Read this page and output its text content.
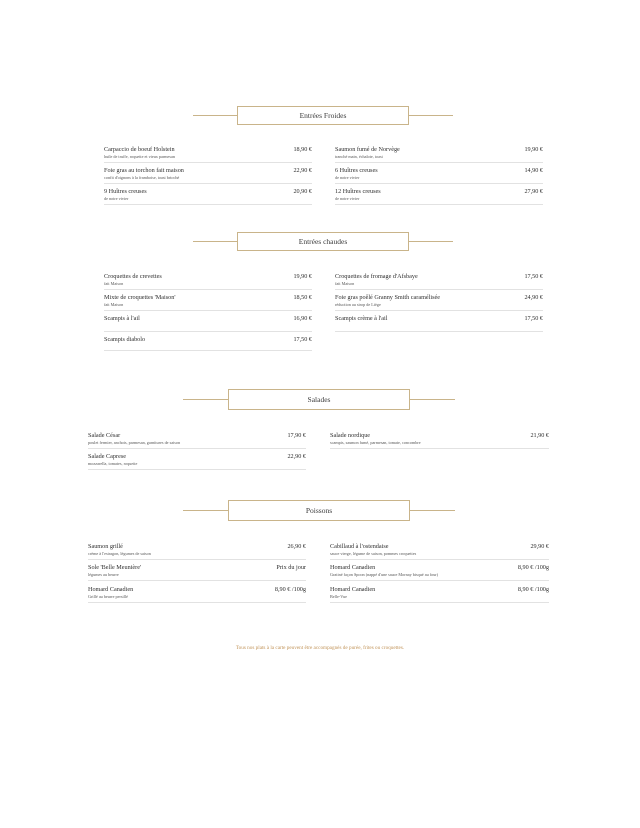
Entrées Froides
Carpaccio de boeuf Holstein
huile de truffe, roquette et vieux parmesan
18,90 €
Foie gras au torchon fait maison
confit d'oignons à la framboise, toast brioché
22,90 €
9 Huîtres creuses
de notre vivier
20,90 €
Saumon fumé de Norvège
tranché main, échalote, toast
19,90 €
6 Huîtres creuses
de notre vivier
14,90 €
12 Huîtres creuses
de notre vivier
27,90 €
Entrées chaudes
Croquettes de crevettes
fait Maison
19,90 €
Mixte de croquettes 'Maison'
fait Maison
18,50 €
Scampis à l'ail	16,90 €
Scampis diabolo	17,50 €
Croquettes de fromage d'Afsbaye
fait Maison
17,50 €
Foie gras poêlé Granny Smith caramélisée
réduction au sirop de Liège
24,90 €
Scampis crème à l'ail	17,50 €
Salades
Salade César
poulet fermier, anchois, parmesan, garnitures de saison
17,90 €
Salade Caprese
mozzarella, tomates, roquette
22,90 €
Salade nordique
scampis, saumon fumé, parmesan, tomate, concombre
21,90 €
Poissons
Saumon grillé
crème à l'estragon, légumes de saison
26,90 €
Sole 'Belle Meunière'
légumes au beurre
Prix du jour
Homard Canadien
Grillé au beurre persillé
8,90 € /100g
Cabillaud à l'ostendaise
sauce vierge, légume de saison, pommes croquettes
29,90 €
Homard Canadien
Gratiné façon Spoon (nappé d'une sauce Mornay bisqué au four)
8,90 € /100g
Homard Canadien
Belle-Vue
8,90 € /100g
Tous nos plats à la carte peuvent être accompagnés de purée, frites ou croquettes.
